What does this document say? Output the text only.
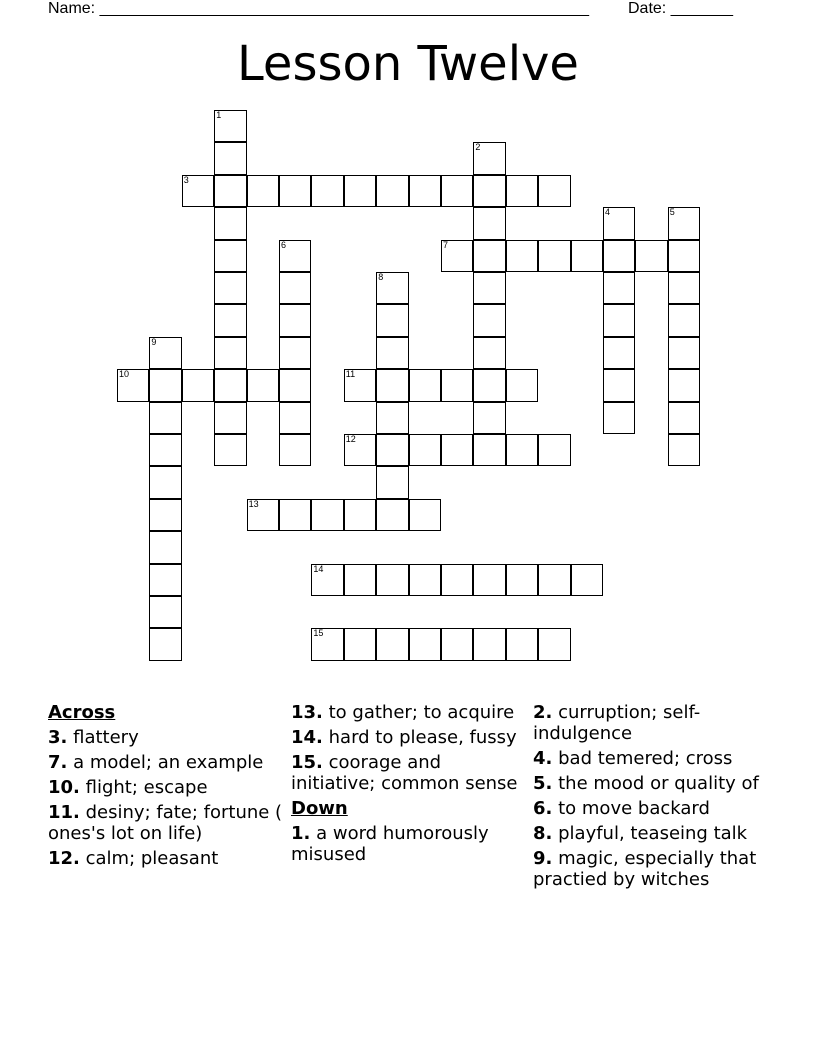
Name: _______________________________________________________ Date: _______
Lesson Twelve
1
2
3
4	5
6	7
8
9
10	11
12
13
14
15
Across
3. flattery
7. a model; an example
10. flight; escape
11. desiny; fate; fortune ( ones's lot on life)
12. calm; pleasant
13. to gather; to acquire
14. hard to please, fussy
15. coorage and initiative; common sense
Down
1. a word humorously misused
2. curruption; self-indulgence
4. bad temered; cross
5. the mood or quality of
6. to move backard
8. playful, teaseing talk
9. magic, especially that practied by witches
